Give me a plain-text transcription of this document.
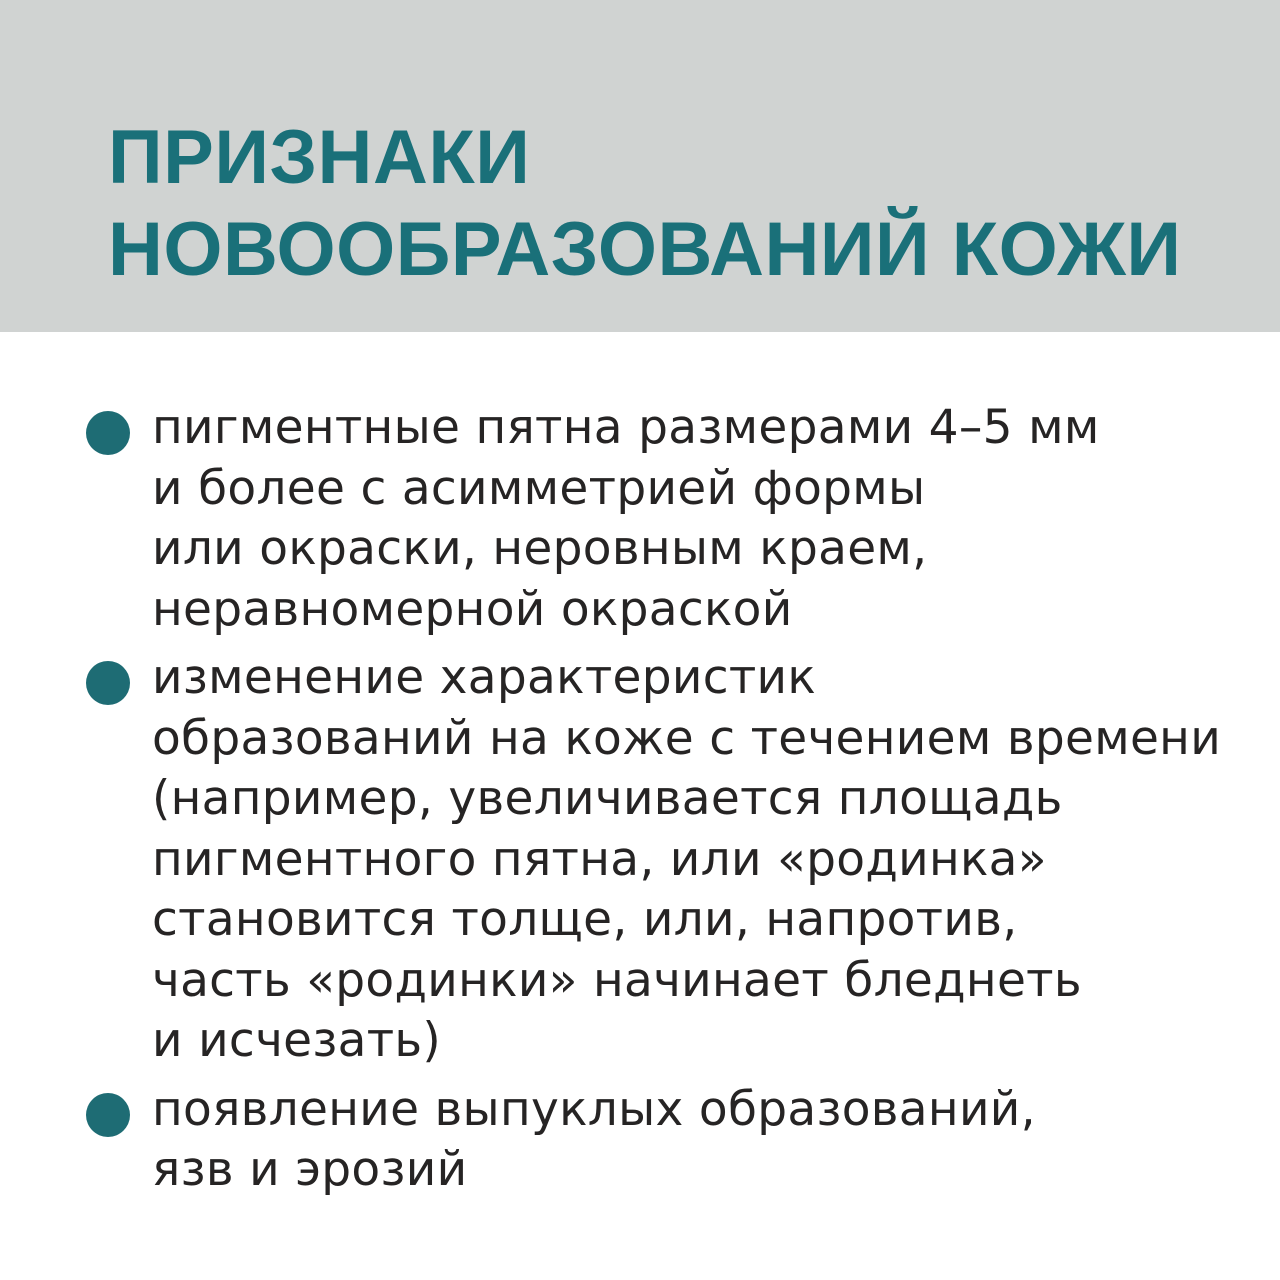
ПРИЗНАКИ
НОВООБРАЗОВАНИЙ КОЖИ
пигментные пятна размерами 4–5 мм
и более с асимметрией формы
или окраски, неровным краем,
неравномерной окраской
изменение характеристик
образований на коже с течением времени
(например, увеличивается площадь
пигментного пятна, или «родинка»
становится толще, или, напротив,
часть «родинки» начинает бледнеть
и исчезать)
появление выпуклых образований,
язв и эрозий
